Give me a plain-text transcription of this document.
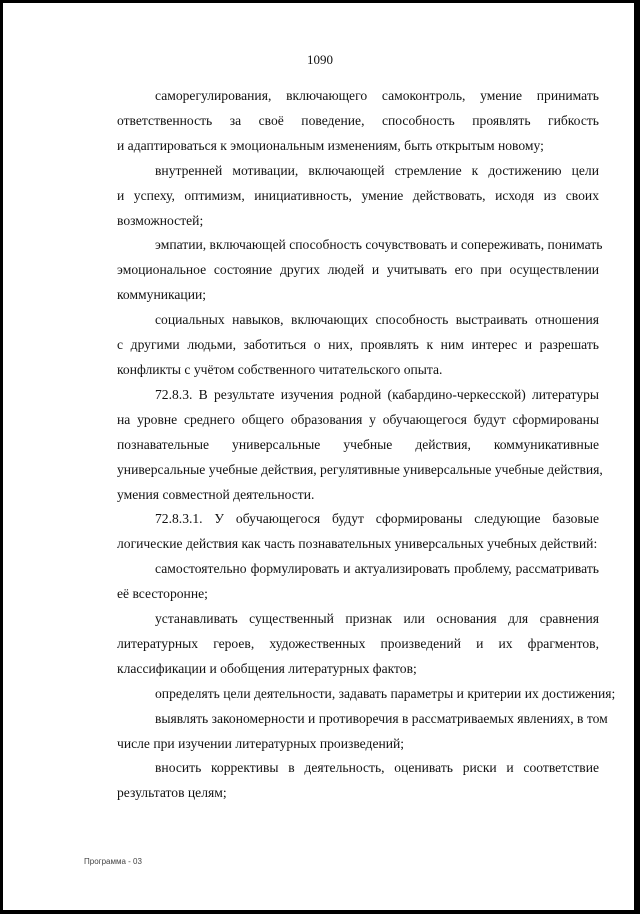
1090
саморегулирования, включающего самоконтроль, умение принимать
ответственность за своё поведение, способность проявлять гибкость
и адаптироваться к эмоциональным изменениям, быть открытым новому;
внутренней мотивации, включающей стремление к достижению цели
и успеху, оптимизм, инициативность, умение действовать, исходя из своих
возможностей;
эмпатии, включающей способность сочувствовать и сопереживать, понимать
эмоциональное состояние других людей и учитывать его при осуществлении
коммуникации;
социальных навыков, включающих способность выстраивать отношения
с другими людьми, заботиться о них, проявлять к ним интерес и разрешать
конфликты с учётом собственного читательского опыта.
72.8.3. В результате изучения родной (кабардино-черкесской) литературы
на уровне среднего общего образования у обучающегося будут сформированы
познавательные универсальные учебные действия, коммуникативные
универсальные учебные действия, регулятивные универсальные учебные действия,
умения совместной деятельности.
72.8.3.1. У обучающегося будут сформированы следующие базовые
логические действия как часть познавательных универсальных учебных действий:
самостоятельно формулировать и актуализировать проблему, рассматривать
её всесторонне;
устанавливать существенный признак или основания для сравнения
литературных героев, художественных произведений и их фрагментов,
классификации и обобщения литературных фактов;
определять цели деятельности, задавать параметры и критерии их достижения;
выявлять закономерности и противоречия в рассматриваемых явлениях, в том
числе при изучении литературных произведений;
вносить коррективы в деятельность, оценивать риски и соответствие
результатов целям;
Программа - 03
